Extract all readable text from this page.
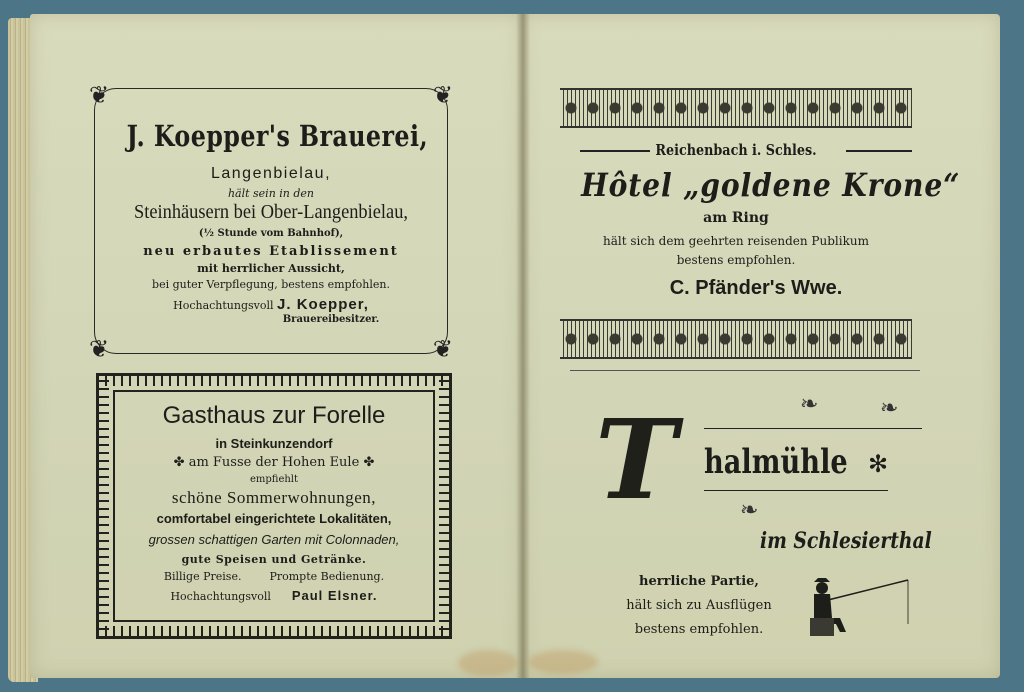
❦	❦
❦	❦
J. Koepper's Brauerei,
Langenbielau,
hält sein in den
Steinhäusern bei Ober-Langenbielau,
(½ Stunde vom Bahnhof),
neu erbautes Etablissement
mit herrlicher Aussicht,
bei guter Verpflegung, bestens empfohlen.
Hochachtungsvoll J. Koepper,
Brauereibesitzer.
Gasthaus zur Forelle
in Steinkunzendorf
✤ am Fusse der Hohen Eule ✤
empfiehlt
schöne Sommerwohnungen,
comfortabel eingerichtete Lokalitäten,
grossen schattigen Garten mit Colonnaden,
gute Speisen und Getränke.
Billige Preise.	Prompte Bedienung.
Hochachtungsvoll Paul Elsner.
Reichenbach i. Schles.
Hôtel „goldene Krone“
am Ring
hält sich dem geehrten reisenden Publikum
bestens empfohlen.
C. Pfänder's Wwe.
T	❧	❧
halmühle ✻
❧
im Schlesierthal
herrliche Partie,
hält sich zu Ausflügen
bestens empfohlen.
